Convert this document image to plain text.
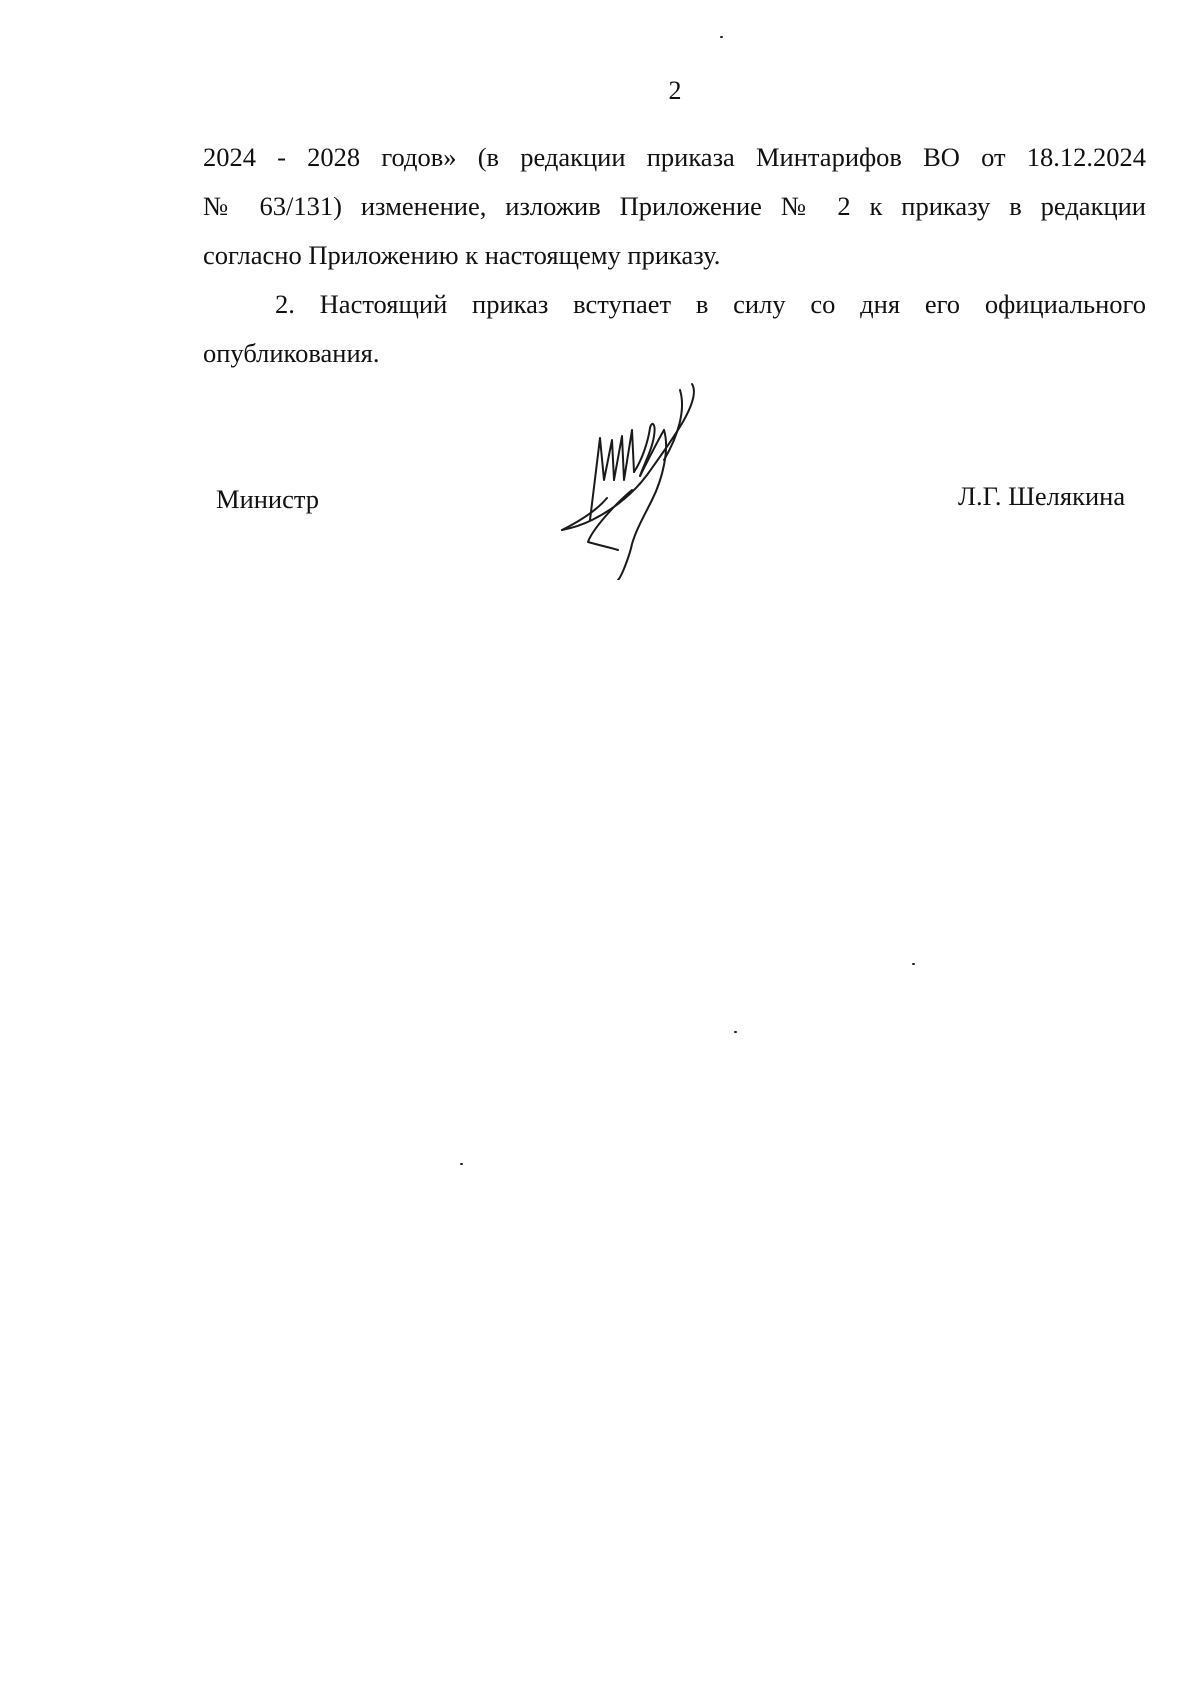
2

2024 - 2028 годов» (в редакции приказа Минтарифов ВО от 18.12.2024
№ 63/131) изменение, изложив Приложение № 2 к приказу в редакции
согласно Приложению к настоящему приказу.

2. Настоящий приказ вступает в силу со дня его официального
опубликования.

Министр	Л.Г. Шелякина
